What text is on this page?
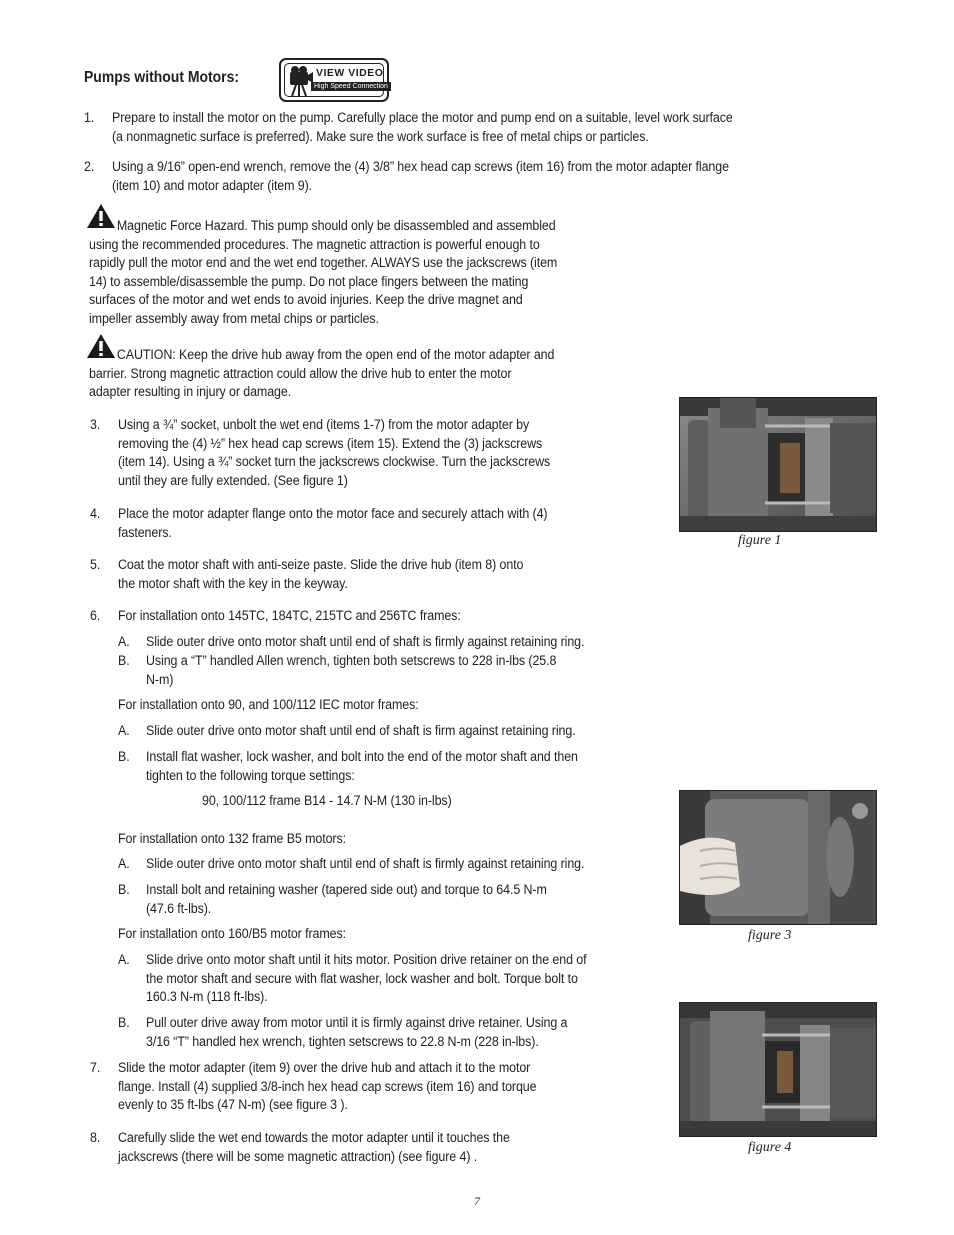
Pumps without Motors:	VIEW VIDEO
High Speed Connection
1. Prepare to install the motor on the pump. Carefully place the motor and pump end on a suitable, level work surface
(a nonmagnetic surface is preferred). Make sure the work surface is free of metal chips or particles.
2. Using a 9/16” open-end wrench, remove the (4) 3/8” hex head cap screws (item 16) from the motor adapter flange
(item 10) and motor adapter (item 9).
Magnetic Force Hazard. This pump should only be disassembled and assembled
using the recommended procedures. The magnetic attraction is powerful enough to
rapidly pull the motor end and the wet end together. ALWAYS use the jackscrews (item
14) to assemble/disassemble the pump. Do not place fingers between the mating
surfaces of the motor and wet ends to avoid injuries. Keep the drive magnet and
impeller assembly away from metal chips or particles.
CAUTION: Keep the drive hub away from the open end of the motor adapter and
barrier. Strong magnetic attraction could allow the drive hub to enter the motor
adapter resulting in injury or damage.
3. Using a ¾” socket, unbolt the wet end (items 1-7) from the motor adapter by
removing the (4) ½” hex head cap screws (item 15). Extend the (3) jackscrews
(item 14). Using a ¾” socket turn the jackscrews clockwise. Turn the jackscrews
until they are fully extended. (See figure 1)
4. Place the motor adapter flange onto the motor face and securely attach with (4)
fasteners.
5. Coat the motor shaft with anti-seize paste. Slide the drive hub (item 8) onto
the motor shaft with the key in the keyway.
6. For installation onto 145TC, 184TC, 215TC and 256TC frames:
A. Slide outer drive onto motor shaft until end of shaft is firmly against retaining ring.
B. Using a “T” handled Allen wrench, tighten both setscrews to 228 in-lbs (25.8
N-m)
For installation onto 90, and 100/112 IEC motor frames:
A. Slide outer drive onto motor shaft until end of shaft is firm against retaining ring.
B. Install flat washer, lock washer, and bolt into the end of the motor shaft and then
tighten to the following torque settings:
90, 100/112 frame B14 - 14.7 N-M (130 in-lbs)
For installation onto 132 frame B5 motors:
A. Slide outer drive onto motor shaft until end of shaft is firmly against retaining ring.
B. Install bolt and retaining washer (tapered side out) and torque to 64.5 N-m
(47.6 ft-lbs).
For installation onto 160/B5 motor frames:
A. Slide drive onto motor shaft until it hits motor. Position drive retainer on the end of
the motor shaft and secure with flat washer, lock washer and bolt. Torque bolt to
160.3 N-m (118 ft-lbs).
B. Pull outer drive away from motor until it is firmly against drive retainer. Using a
3/16 “T” handled hex wrench, tighten setscrews to 22.8 N-m (228 in-lbs).
7. Slide the motor adapter (item 9) over the drive hub and attach it to the motor
flange. Install (4) supplied 3/8-inch hex head cap screws (item 16) and torque
evenly to 35 ft-lbs (47 N-m) (see figure 3 ).
8. Carefully slide the wet end towards the motor adapter until it touches the
jackscrews (there will be some magnetic attraction) (see figure 4) .
figure 1
figure 3
figure 4
7
